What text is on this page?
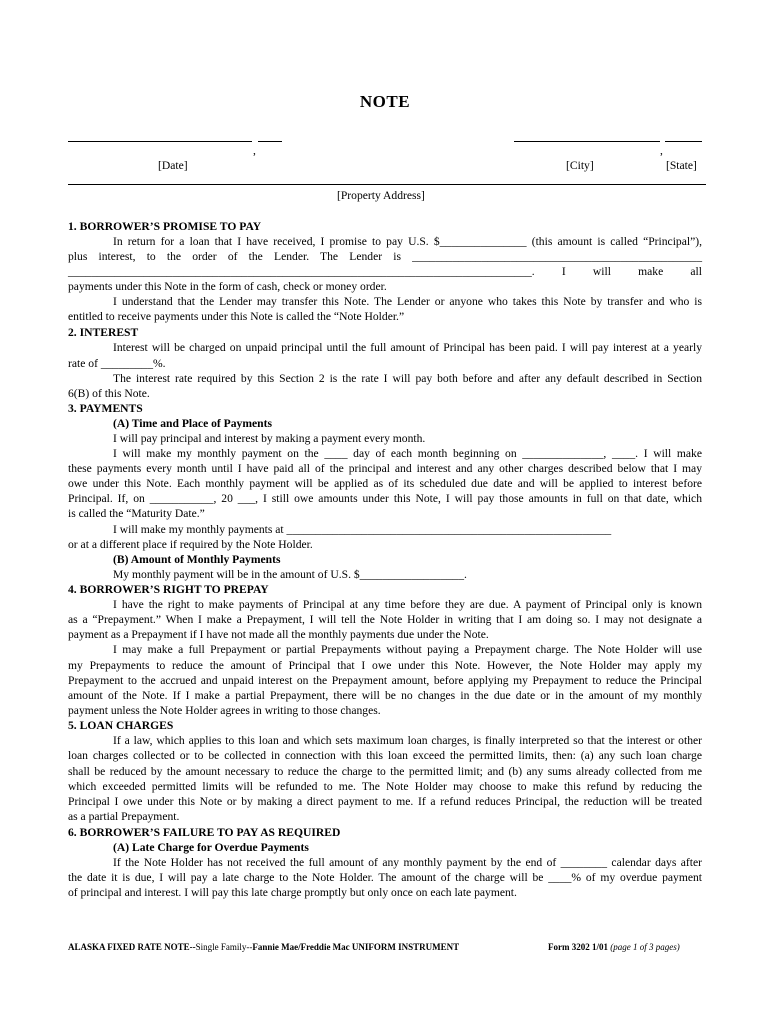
NOTE
,
[Date]
,
[City]	[State]
[Property Address]
1. BORROWER’S PROMISE TO PAY
In return for a loan that I have received, I promise to pay U.S. $_______________ (this amount is called “Principal”),
plus interest, to the order of the Lender. The Lender is __________________________________________________
________________________________________________________________________________. I will make all
payments under this Note in the form of cash, check or money order.
I understand that the Lender may transfer this Note. The Lender or anyone who takes this Note by transfer and who is
entitled to receive payments under this Note is called the “Note Holder.”
2. INTEREST
Interest will be charged on unpaid principal until the full amount of Principal has been paid. I will pay interest at a yearly
rate of _________%.
The interest rate required by this Section 2 is the rate I will pay both before and after any default described in Section
6(B) of this Note.
3. PAYMENTS
(A) Time and Place of Payments
I will pay principal and interest by making a payment every month.
I will make my monthly payment on the ____ day of each month beginning on ______________, ____. I will make
these payments every month until I have paid all of the principal and interest and any other charges described below that I may
owe under this Note. Each monthly payment will be applied as of its scheduled due date and will be applied to interest before
Principal. If, on ___________, 20 ___, I still owe amounts under this Note, I will pay those amounts in full on that date, which
is called the “Maturity Date.”
I will make my monthly payments at ________________________________________________________
or at a different place if required by the Note Holder.
(B) Amount of Monthly Payments
My monthly payment will be in the amount of U.S. $__________________.
4. BORROWER’S RIGHT TO PREPAY
I have the right to make payments of Principal at any time before they are due. A payment of Principal only is known
as a “Prepayment.” When I make a Prepayment, I will tell the Note Holder in writing that I am doing so. I may not designate a
payment as a Prepayment if I have not made all the monthly payments due under the Note.
I may make a full Prepayment or partial Prepayments without paying a Prepayment charge. The Note Holder will use
my Prepayments to reduce the amount of Principal that I owe under this Note. However, the Note Holder may apply my
Prepayment to the accrued and unpaid interest on the Prepayment amount, before applying my Prepayment to reduce the Principal
amount of the Note. If I make a partial Prepayment, there will be no changes in the due date or in the amount of my monthly
payment unless the Note Holder agrees in writing to those changes.
5. LOAN CHARGES
If a law, which applies to this loan and which sets maximum loan charges, is finally interpreted so that the interest or other
loan charges collected or to be collected in connection with this loan exceed the permitted limits, then: (a) any such loan charge
shall be reduced by the amount necessary to reduce the charge to the permitted limit; and (b) any sums already collected from me
which exceeded permitted limits will be refunded to me. The Note Holder may choose to make this refund by reducing the
Principal I owe under this Note or by making a direct payment to me. If a refund reduces Principal, the reduction will be treated
as a partial Prepayment.
6. BORROWER’S FAILURE TO PAY AS REQUIRED
(A) Late Charge for Overdue Payments
If the Note Holder has not received the full amount of any monthly payment by the end of ________ calendar days after
the date it is due, I will pay a late charge to the Note Holder. The amount of the charge will be ____% of my overdue payment
of principal and interest. I will pay this late charge promptly but only once on each late payment.
ALASKA FIXED RATE NOTE--Single Family--Fannie Mae/Freddie Mac UNIFORM INSTRUMENT	Form 3202 1/01 (page 1 of 3 pages)
